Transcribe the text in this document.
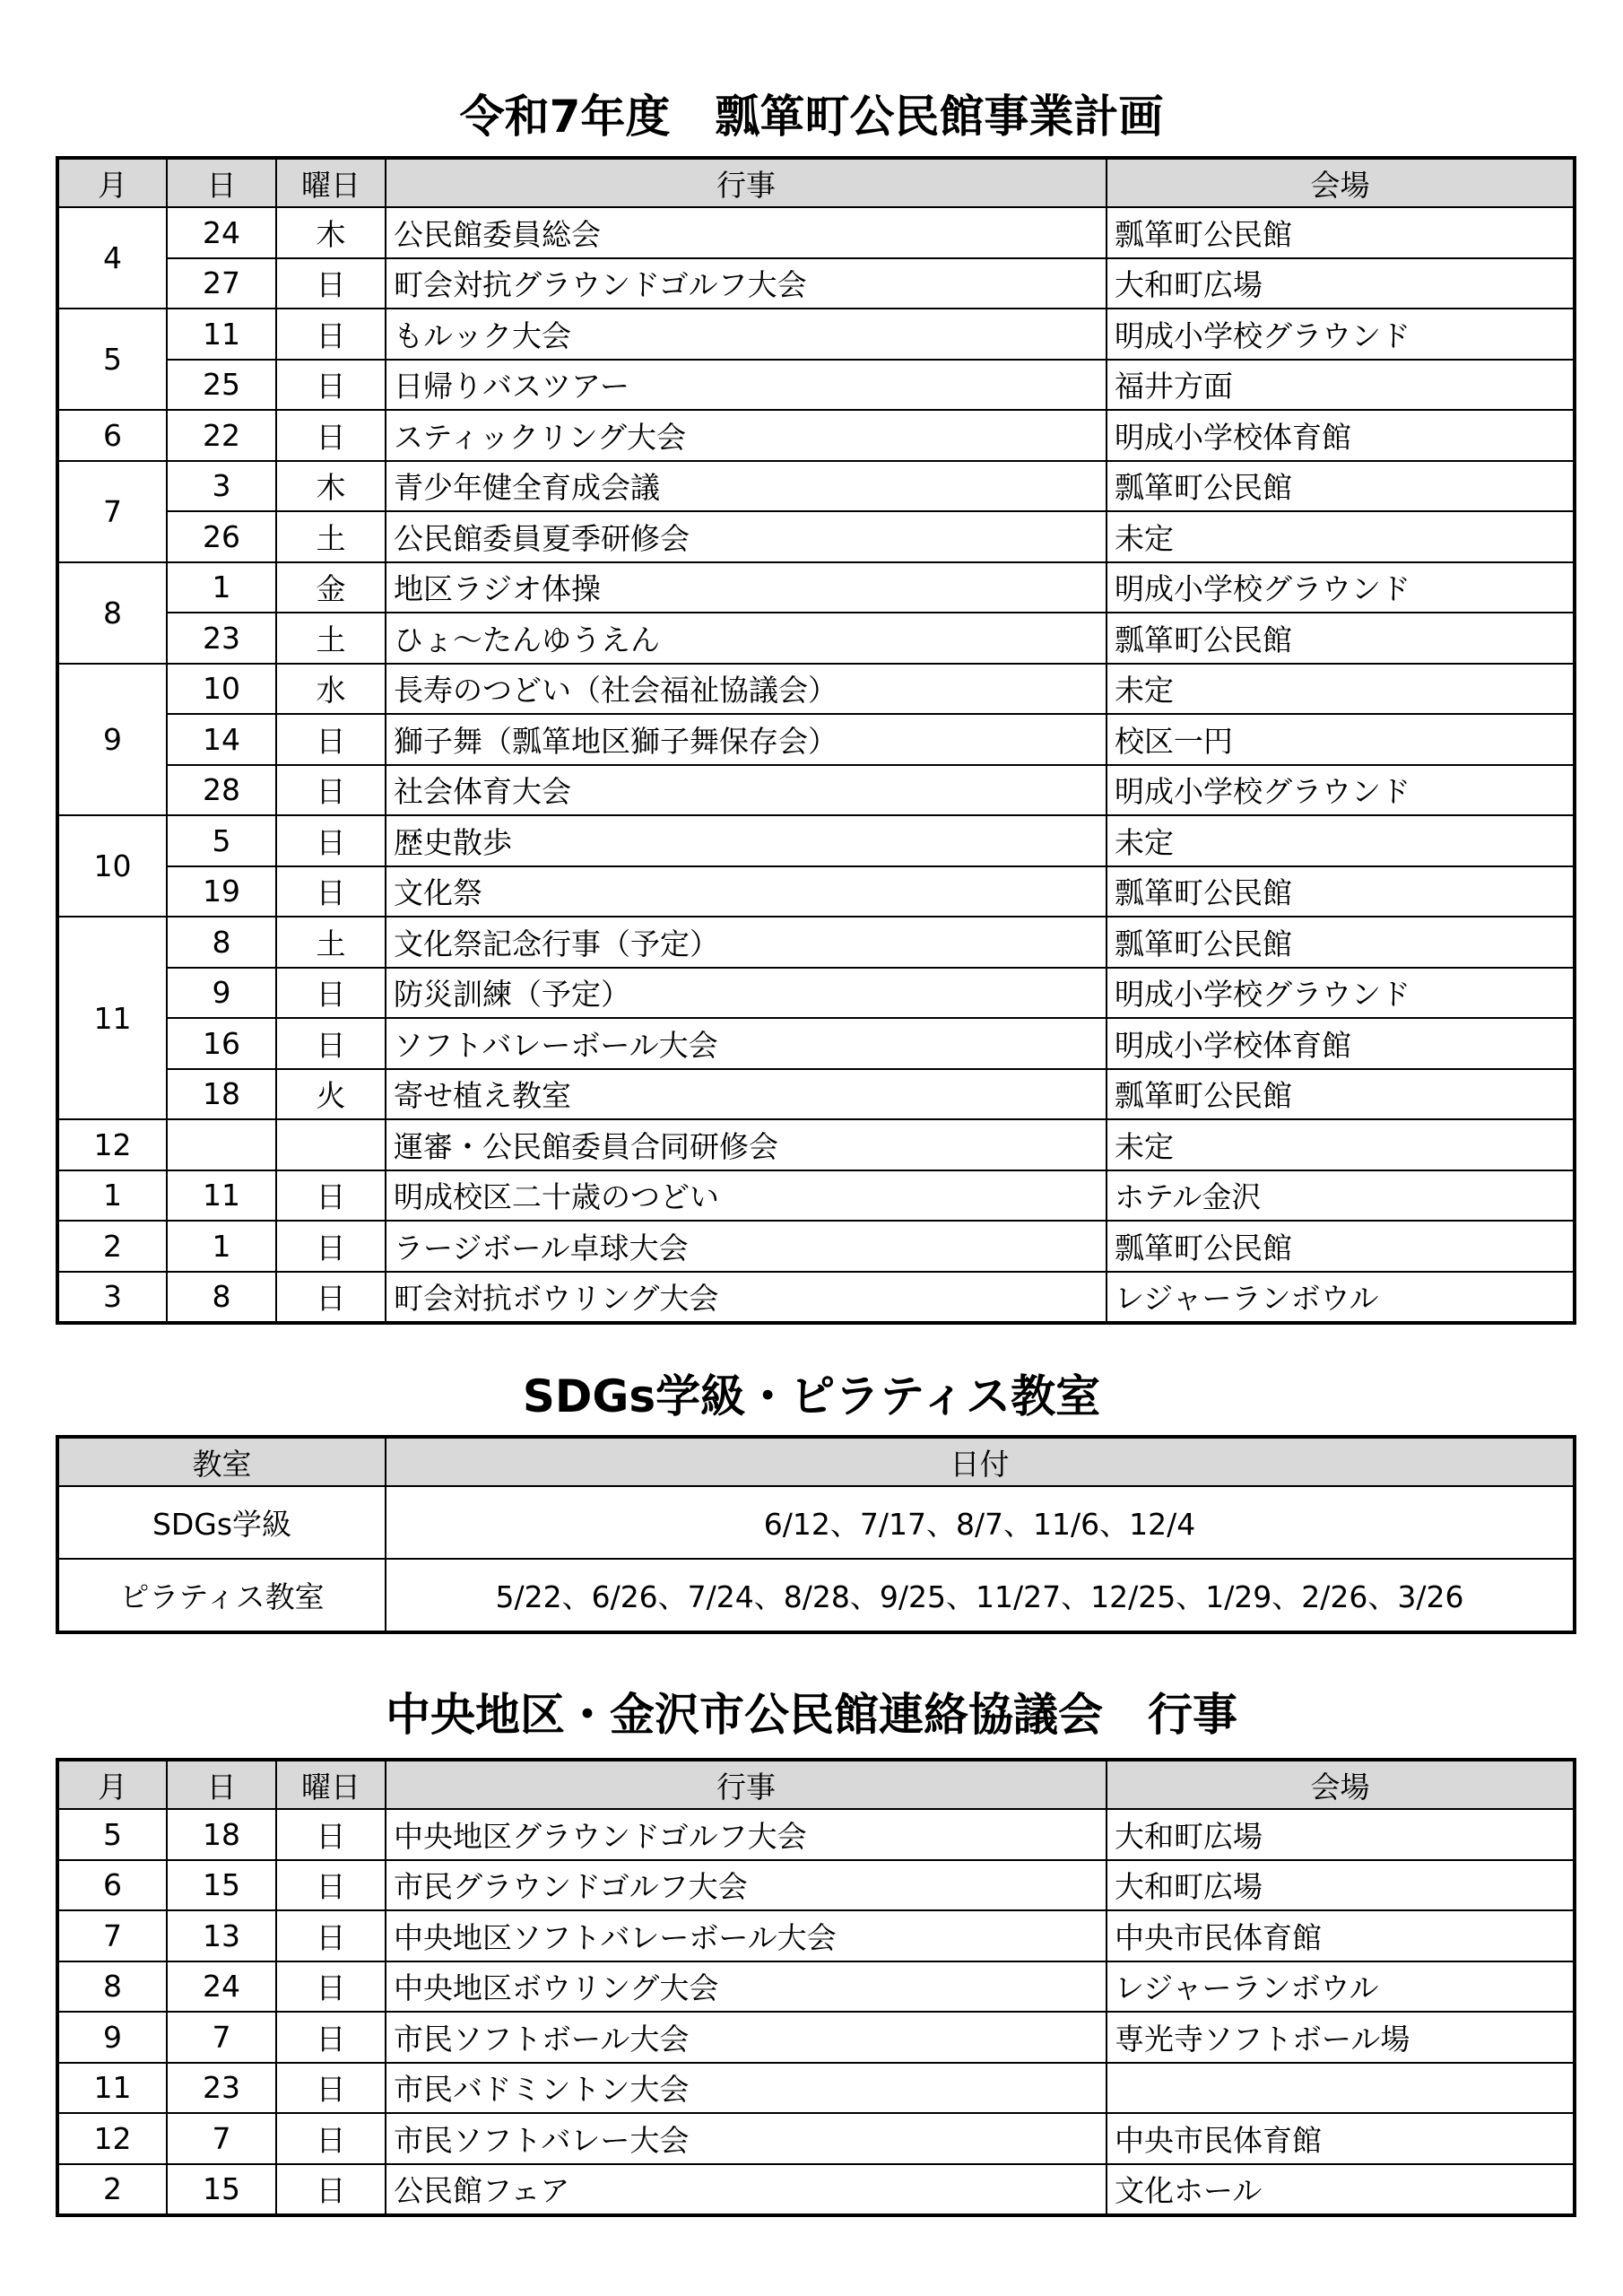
令和7年度　瓢箪町公民館事業計画
月	日	曜日	行事	会場
4	24	木	公民館委員総会	瓢箪町公民館
	27	日	町会対抗グラウンドゴルフ大会	大和町広場
5	11	日	もルック大会	明成小学校グラウンド
	25	日	日帰りバスツアー	福井方面
6	22	日	スティックリング大会	明成小学校体育館
7	3	木	青少年健全育成会議	瓢箪町公民館
	26	土	公民館委員夏季研修会	未定
8	1	金	地区ラジオ体操	明成小学校グラウンド
	23	土	ひょ〜たんゆうえん	瓢箪町公民館
9	10	水	長寿のつどい（社会福祉協議会）	未定
	14	日	獅子舞（瓢箪地区獅子舞保存会）	校区一円
	28	日	社会体育大会	明成小学校グラウンド
10	5	日	歴史散歩	未定
	19	日	文化祭	瓢箪町公民館
11	8	土	文化祭記念行事（予定）	瓢箪町公民館
	9	日	防災訓練（予定）	明成小学校グラウンド
	16	日	ソフトバレーボール大会	明成小学校体育館
	18	火	寄せ植え教室	瓢箪町公民館
12			運審・公民館委員合同研修会	未定
1	11	日	明成校区二十歳のつどい	ホテル金沢
2	1	日	ラージボール卓球大会	瓢箪町公民館
3	8	日	町会対抗ボウリング大会	レジャーランボウル
SDGs学級・ピラティス教室
教室	日付
SDGs学級	6/12、7/17、8/7、11/6、12/4
ピラティス教室	5/22、6/26、7/24、8/28、9/25、11/27、12/25、1/29、2/26、3/26
中央地区・金沢市公民館連絡協議会　行事
月	日	曜日	行事	会場
5	18	日	中央地区グラウンドゴルフ大会	大和町広場
6	15	日	市民グラウンドゴルフ大会	大和町広場
7	13	日	中央地区ソフトバレーボール大会	中央市民体育館
8	24	日	中央地区ボウリング大会	レジャーランボウル
9	7	日	市民ソフトボール大会	専光寺ソフトボール場
11	23	日	市民バドミントン大会	
12	7	日	市民ソフトバレー大会	中央市民体育館
2	15	日	公民館フェア	文化ホール
